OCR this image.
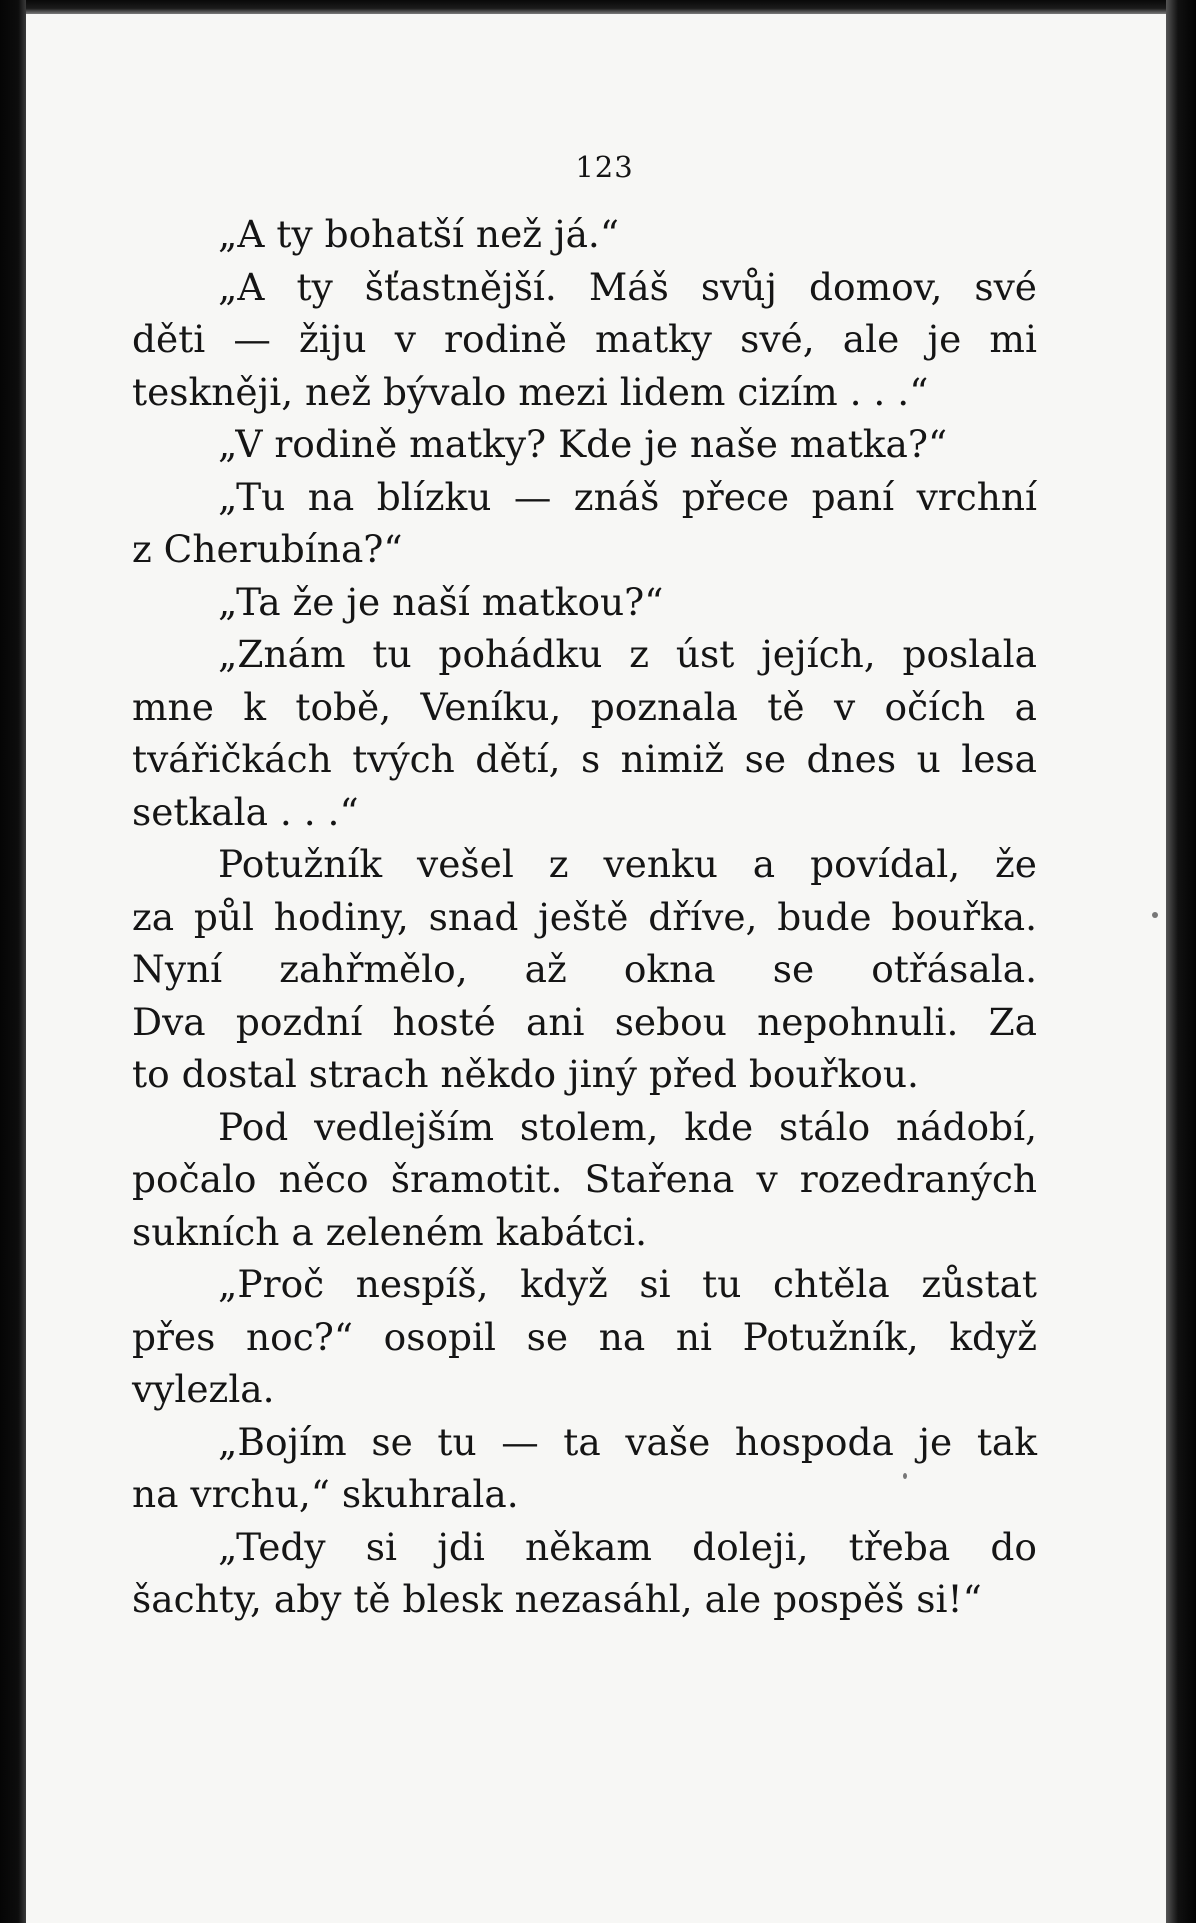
123

„A ty bohatší než já.“

„A ty šťastnější. Máš svůj domov, své
děti — žiju v rodině matky své, ale je mi
teskněji, než bývalo mezi lidem cizím . . .“

„V rodině matky? Kde je naše matka?“

„Tu na blízku — znáš přece paní vrchní
z Cherubína?“

„Ta že je naší matkou?“

„Znám tu pohádku z úst jejích, poslala
mne k tobě, Veníku, poznala tě v očích a
tvářičkách tvých dětí, s nimiž se dnes u lesa
setkala . . .“

Potužník vešel z venku a povídal, že
za půl hodiny, snad ještě dříve, bude bouřka.
Nyní zahřmělo, až okna se otřásala.
Dva pozdní hosté ani sebou nepohnuli. Za
to dostal strach někdo jiný před bouřkou.

Pod vedlejším stolem, kde stálo nádobí,
počalo něco šramotit. Stařena v rozedraných
sukních a zeleném kabátci.

„Proč nespíš, když si tu chtěla zůstat
přes noc?“ osopil se na ni Potužník, když
vylezla.

„Bojím se tu — ta vaše hospoda je tak
na vrchu,“ skuhrala.

„Tedy si jdi někam doleji, třeba do
šachty, aby tě blesk nezasáhl, ale pospěš si!“
